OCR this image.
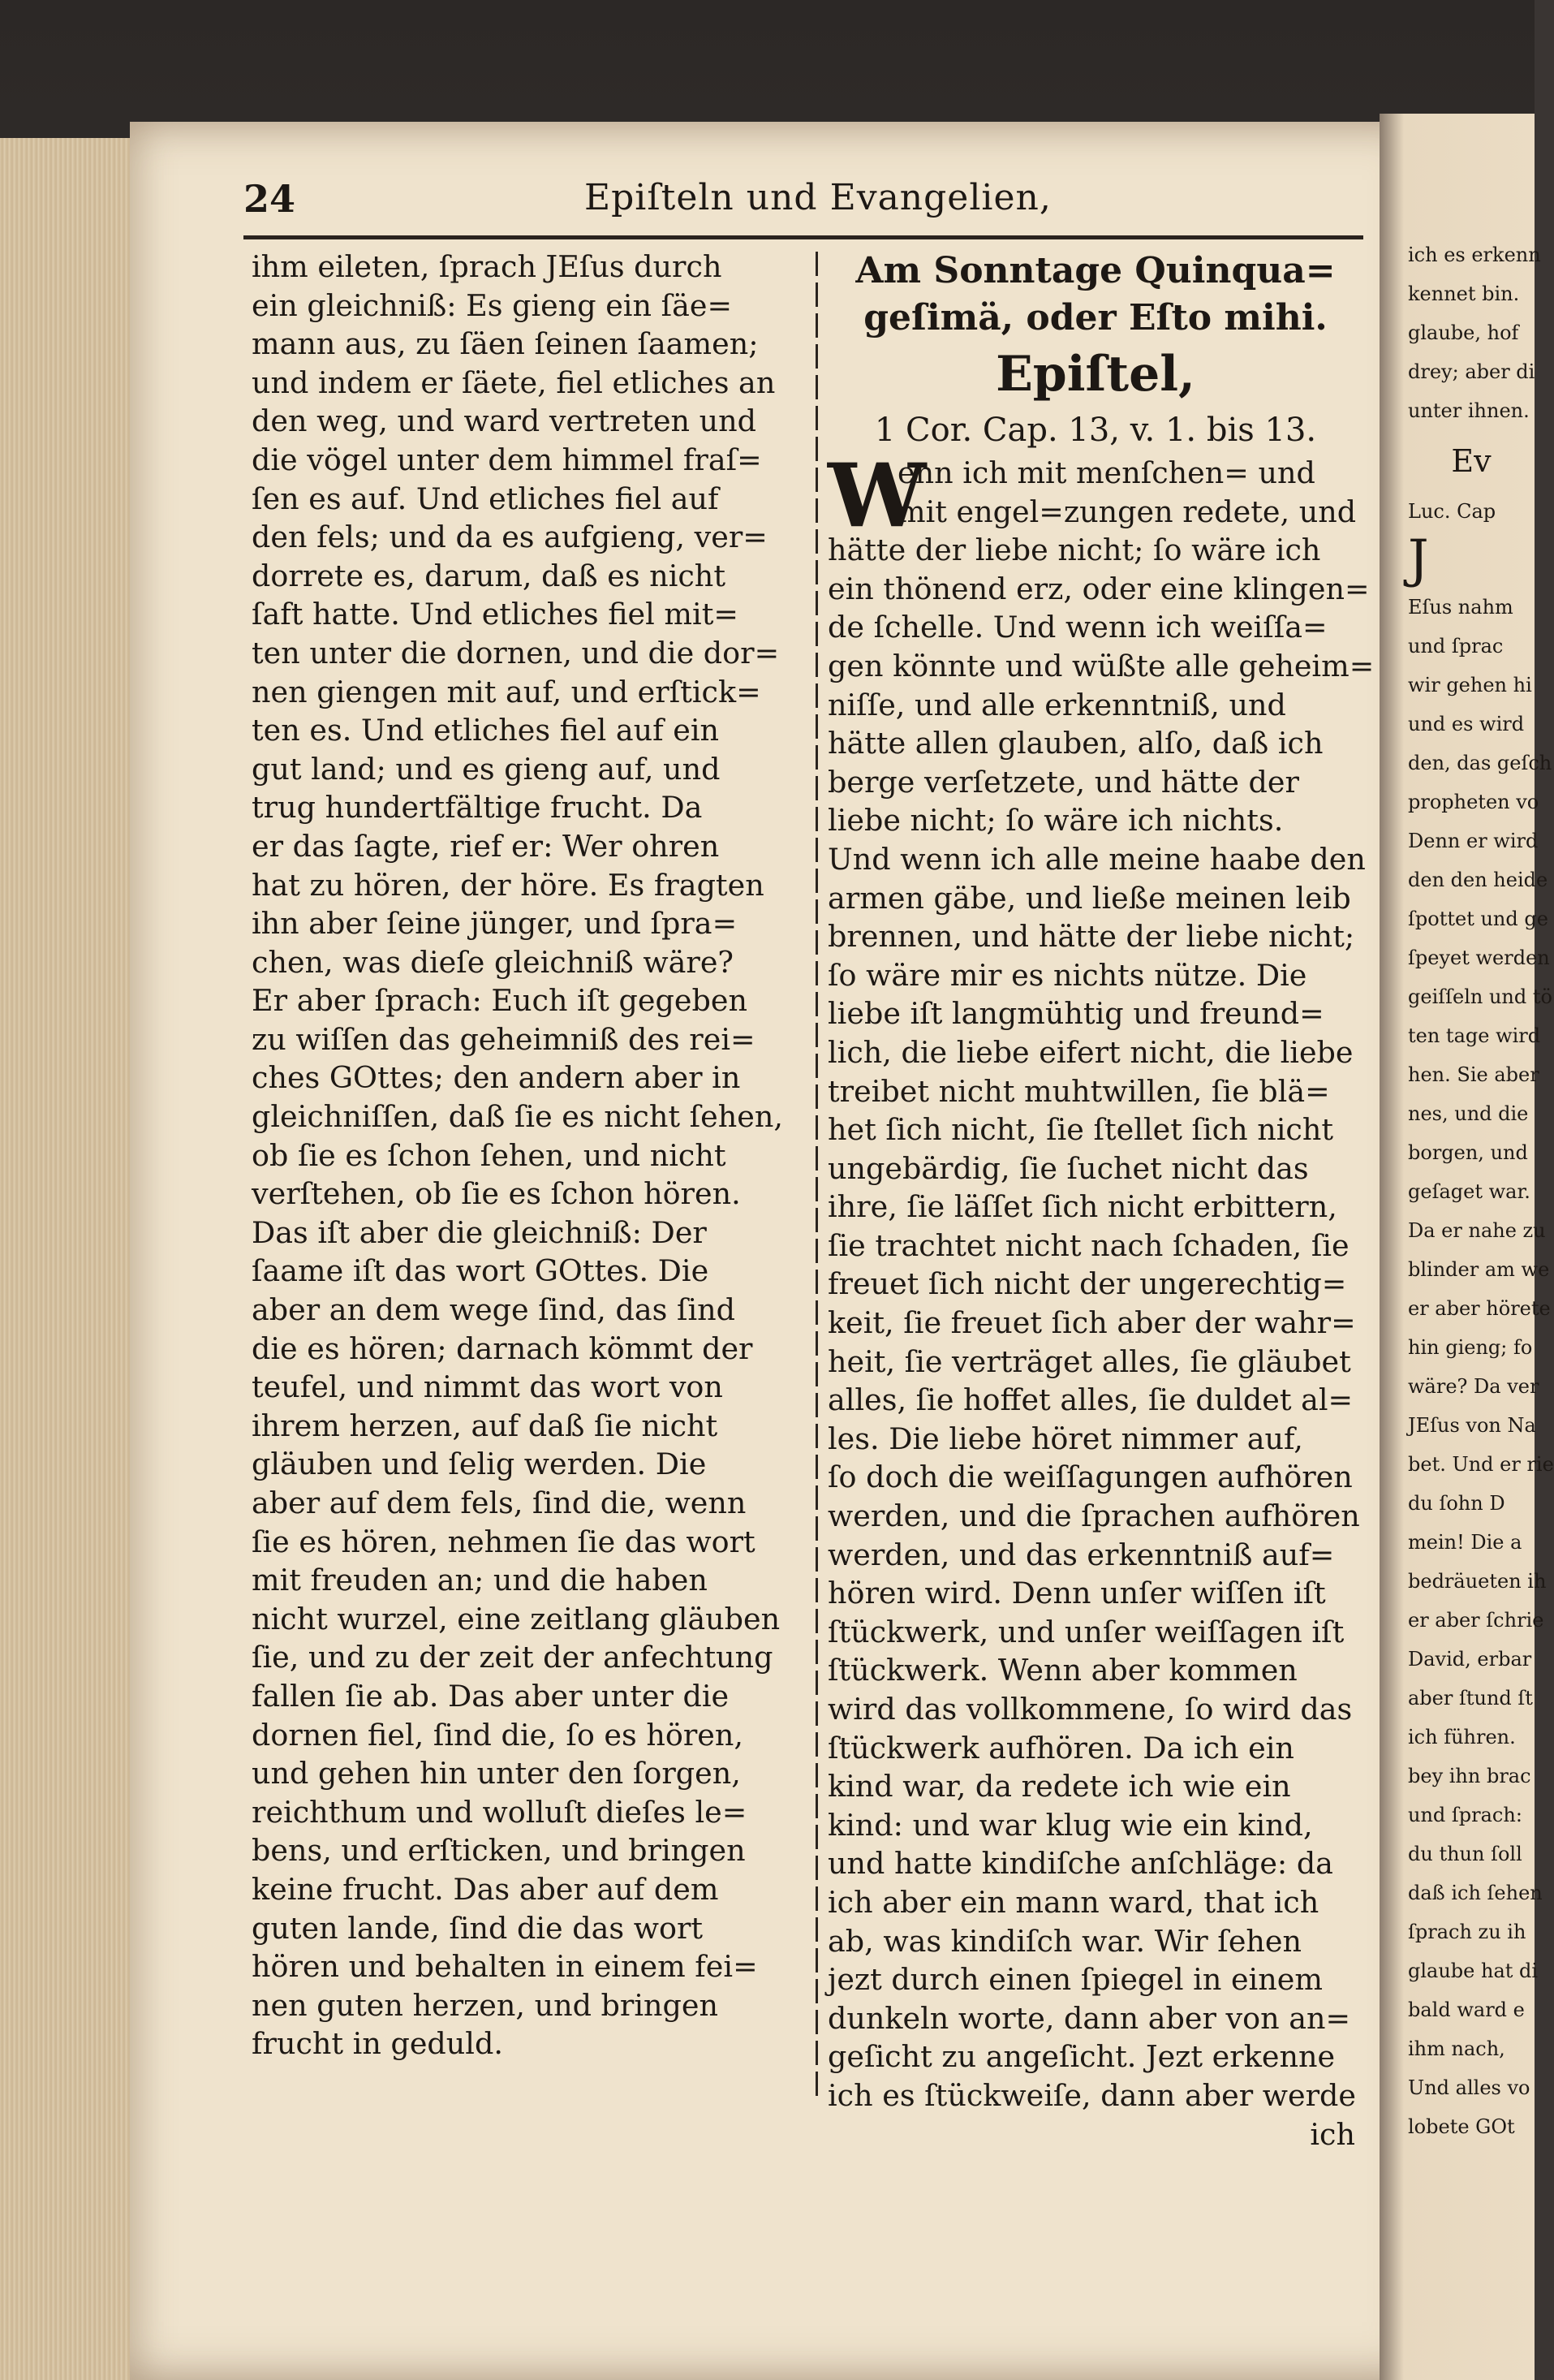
24	Epiſteln und Evangelien,
ihm eileten, ſprach JEſus durch
ein gleichniß: Es gieng ein ſäe=
mann aus, zu ſäen ſeinen ſaamen;
und indem er ſäete, fiel etliches an
den weg, und ward vertreten und
die vögel unter dem himmel fraſ=
ſen es auf. Und etliches fiel auf
den fels; und da es aufgieng, ver=
dorrete es, darum, daß es nicht
ſaft hatte. Und etliches fiel mit=
ten unter die dornen, und die dor=
nen giengen mit auf, und erſtick=
ten es. Und etliches fiel auf ein
gut land; und es gieng auf, und
trug hundertfältige frucht. Da
er das ſagte, rief er: Wer ohren
hat zu hören, der höre. Es fragten
ihn aber ſeine jünger, und ſpra=
chen, was dieſe gleichniß wäre?
Er aber ſprach: Euch iſt gegeben
zu wiſſen das geheimniß des rei=
ches GOttes; den andern aber in
gleichniſſen, daß ſie es nicht ſehen,
ob ſie es ſchon ſehen, und nicht
verſtehen, ob ſie es ſchon hören.
Das iſt aber die gleichniß: Der
ſaame iſt das wort GOttes. Die
aber an dem wege ſind, das ſind
die es hören; darnach kömmt der
teufel, und nimmt das wort von
ihrem herzen, auf daß ſie nicht
gläuben und ſelig werden. Die
aber auf dem fels, ſind die, wenn
ſie es hören, nehmen ſie das wort
mit freuden an; und die haben
nicht wurzel, eine zeitlang gläuben
ſie, und zu der zeit der anfechtung
fallen ſie ab. Das aber unter die
dornen fiel, ſind die, ſo es hören,
und gehen hin unter den ſorgen,
reichthum und wolluſt dieſes le=
bens, und erſticken, und bringen
keine frucht. Das aber auf dem
guten lande, ſind die das wort
hören und behalten in einem fei=
nen guten herzen, und bringen
frucht in geduld.
Am Sonntage Quinqua=
geſimä, oder Eſto mihi.
Epiſtel,
1 Cor. Cap. 13, v. 1. bis 13.
W
enn ich mit menſchen= und
mit engel=zungen redete, und
hätte der liebe nicht; ſo wäre ich
ein thönend erz, oder eine klingen=
de ſchelle. Und wenn ich weiſſa=
gen könnte und wüßte alle geheim=
niſſe, und alle erkenntniß, und
hätte allen glauben, alſo, daß ich
berge verſetzete, und hätte der
liebe nicht; ſo wäre ich nichts.
Und wenn ich alle meine haabe den
armen gäbe, und ließe meinen leib
brennen, und hätte der liebe nicht;
ſo wäre mir es nichts nütze. Die
liebe iſt langmühtig und freund=
lich, die liebe eifert nicht, die liebe
treibet nicht muhtwillen, ſie blä=
het ſich nicht, ſie ſtellet ſich nicht
ungebärdig, ſie ſuchet nicht das
ihre, ſie läſſet ſich nicht erbittern,
ſie trachtet nicht nach ſchaden, ſie
freuet ſich nicht der ungerechtig=
keit, ſie freuet ſich aber der wahr=
heit, ſie verträget alles, ſie gläubet
alles, ſie hoffet alles, ſie duldet al=
les. Die liebe höret nimmer auf,
ſo doch die weiſſagungen aufhören
werden, und die ſprachen aufhören
werden, und das erkenntniß auf=
hören wird. Denn unſer wiſſen iſt
ſtückwerk, und unſer weiſſagen iſt
ſtückwerk. Wenn aber kommen
wird das vollkommene, ſo wird das
ſtückwerk aufhören. Da ich ein
kind war, da redete ich wie ein
kind: und war klug wie ein kind,
und hatte kindiſche anſchläge: da
ich aber ein mann ward, that ich
ab, was kindiſch war. Wir ſehen
jezt durch einen ſpiegel in einem
dunkeln worte, dann aber von an=
geſicht zu angeſicht. Jezt erkenne
ich es ſtückweiſe, dann aber werde
ich
ich es erkenn
kennet bin.
glaube, hof
drey; aber di
unter ihnen.
Ev
Luc. Cap
J
Eſus nahm
und ſprac
wir gehen hi
und es wird
den, das geſch
propheten vo
Denn er wird
den den heide
ſpottet und ge
ſpeyet werden
geiſſeln und tö
ten tage wird
hen. Sie aber
nes, und die
borgen, und
geſaget war.
Da er nahe zu
blinder am we
er aber hörete
hin gieng; fo
wäre? Da ver
JEſus von Na
bet. Und er rie
du ſohn D
mein! Die a
bedräueten ih
er aber ſchrie
David, erbar
aber ſtund ſt
ich führen.
bey ihn brac
und ſprach:
du thun ſoll
daß ich ſehen
ſprach zu ih
glaube hat di
bald ward e
ihm nach,
Und alles vo
lobete GOt
